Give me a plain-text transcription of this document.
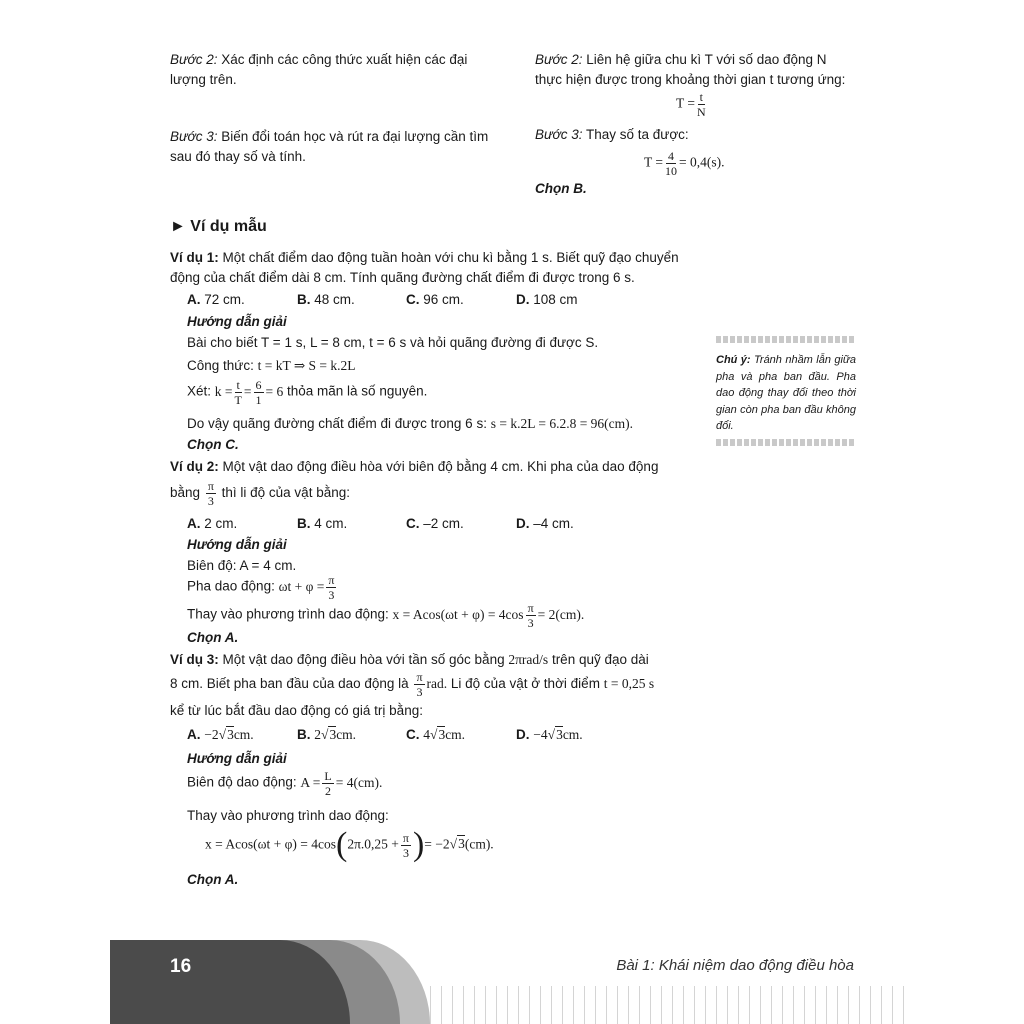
Bước 2: Xác định các công thức xuất hiện các đại lượng trên.
Bước 3: Biến đổi toán học và rút ra đại lượng cần tìm sau đó thay số và tính.
Bước 2: Liên hệ giữa chu kì T với số dao động N thực hiện được trong khoảng thời gian t tương ứng:
$T = \frac{t}{N}$
Bước 3: Thay số ta được:
$T = \frac{4}{10} = 0,4(s)$.
Chọn B.
► Ví dụ mẫu
Ví dụ 1: Một chất điểm dao động tuần hoàn với chu kì bằng 1 s. Biết quỹ đạo chuyển
động của chất điểm dài 8 cm. Tính quãng đường chất điểm đi được trong 6 s.
A. 72 cm.	B. 48 cm.	C. 96 cm.	D. 108 cm
Hướng dẫn giải
Bài cho biết T = 1 s, L = 8 cm, t = 6 s và hỏi quãng đường đi được S.
Công thức: t = kT ⇒ S = k.2L
Xét: $k = \frac{t}{T} = \frac{6}{1} = 6$ thỏa mãn là số nguyên.
Do vậy quãng đường chất điểm đi được trong 6 s: s = k.2L = 6.2.8 = 96(cm).
Chọn C.
Ví dụ 2: Một vật dao động điều hòa với biên độ bằng 4 cm. Khi pha của dao động
bằng $\frac{\pi}{3}$ thì li độ của vật bằng:
A. 2 cm.	B. 4 cm.	C. –2 cm.	D. –4 cm.
Hướng dẫn giải
Biên độ: A = 4 cm.
Pha dao động: $\omega t + \varphi = \frac{\pi}{3}$
Thay vào phương trình dao động: $x = Acos(\omega t + \varphi) = 4\cos \frac{\pi}{3} = 2(cm)$.
Chọn A.
Ví dụ 3: Một vật dao động điều hòa với tần số góc bằng 2πrad/s trên quỹ đạo dài
8 cm. Biết pha ban đầu của dao động là $\frac{\pi}{3}$ rad. Li độ của vật ở thời điểm t = 0,25 s
kể từ lúc bắt đầu dao động có giá trị bằng:
A. −2√3cm.	B. 2√3cm.	C. 4√3cm.	D. −4√3cm.
Hướng dẫn giải
Biên độ dao động: $A = \frac{L}{2} = 4(cm)$.
Thay vào phương trình dao động:
$x = Acos(\omega t + \varphi) = 4\cos(2\pi.0,25 + \frac{\pi}{3}$ )= −2√3(cm).
Chọn A.
Chú ý: Tránh nhầm lẫn giữa pha và pha ban đầu. Pha dao động thay đổi theo thời gian còn pha ban đầu không đổi.
16	Bài 1: Khái niệm dao động điều hòa
